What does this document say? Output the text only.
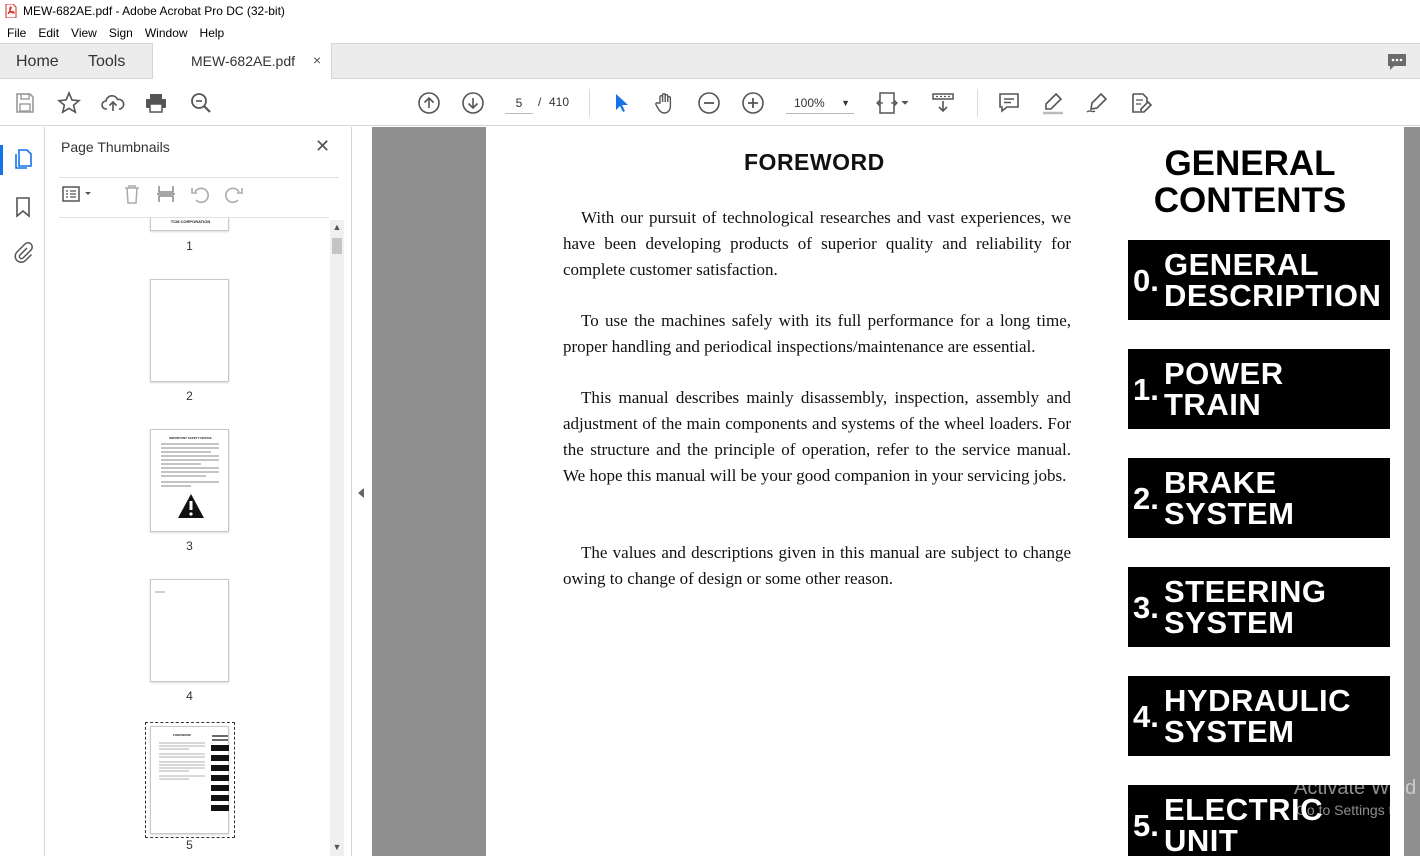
MEW-682AE.pdf - Adobe Acrobat Pro DC (32-bit)
File	Edit	View	Sign	Window	Help
Home Tools	MEW-682AE.pdf ×
5	/ 410	100% ▼
Page Thumbnails	✕
TCM CORPORATION
1
2
IMPORTANT SAFETY NOTICE
3
4
FOREWORD
5
▲
▼
FOREWORD

With our pursuit of technological researches and vast experiences, we have been developing products of superior quality and reliability for complete customer satisfaction.

To use the machines safely with its full performance for a long time, proper handling and periodical inspections/maintenance are essential.

This manual describes mainly disassembly, inspection, assembly and adjustment of the main components and systems of the wheel loaders. For the structure and the principle of operation, refer to the service manual. We hope this manual will be your good companion in your servicing jobs.

The values and descriptions given in this manual are subject to change owing to change of design or some other reason.

GENERAL
CONTENTS
0. GENERAL
DESCRIPTION
1. POWER
TRAIN
2. BRAKE
SYSTEM
3. STEERING
SYSTEM
4. HYDRAULIC
SYSTEM
5. ELECTRIC
UNIT
Activate Wind
Go to Settings to
